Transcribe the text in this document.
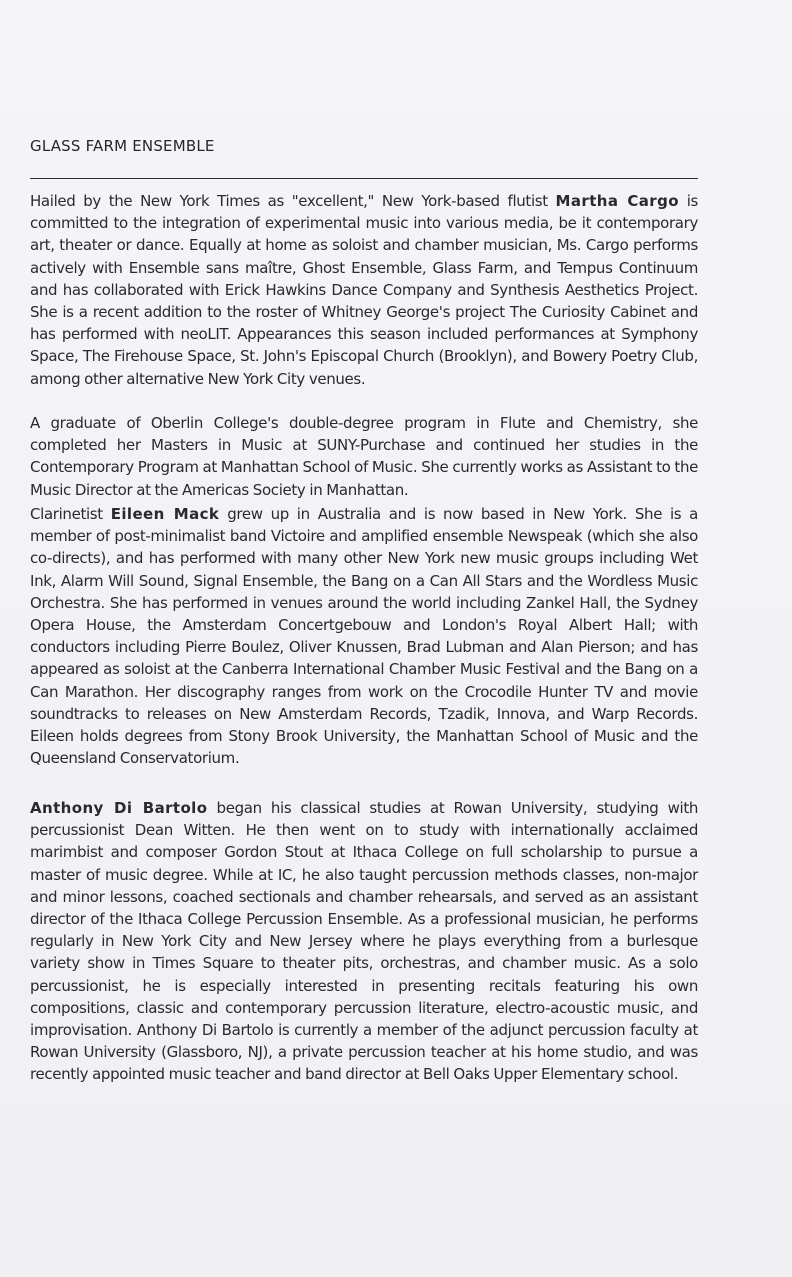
GLASS FARM ENSEMBLE

Hailed by the New York Times as "excellent," New York-based flutist Martha Cargo is committed to the integration of experimental music into various media, be it contemporary art, theater or dance. Equally at home as soloist and chamber musician, Ms. Cargo performs actively with Ensemble sans maître, Ghost Ensemble, Glass Farm, and Tempus Continuum and has collaborated with Erick Hawkins Dance Company and Synthesis Aesthetics Project. She is a recent addition to the roster of Whitney George's project The Curiosity Cabinet and has performed with neoLIT. Appearances this season included performances at Symphony Space, The Firehouse Space, St. John's Episcopal Church (Brooklyn), and Bowery Poetry Club, among other alternative New York City venues.

A graduate of Oberlin College's double-degree program in Flute and Chemistry, she completed her Masters in Music at SUNY-Purchase and continued her studies in the Contemporary Program at Manhattan School of Music. She currently works as Assistant to the Music Director at the Americas Society in Manhattan.

Clarinetist Eileen Mack grew up in Australia and is now based in New York. She is a member of post-minimalist band Victoire and amplified ensemble Newspeak (which she also co-directs), and has performed with many other New York new music groups including Wet Ink, Alarm Will Sound, Signal Ensemble, the Bang on a Can All Stars and the Wordless Music Orchestra. She has performed in venues around the world including Zankel Hall, the Sydney Opera House, the Amsterdam Concertgebouw and London's Royal Albert Hall; with conductors including Pierre Boulez, Oliver Knussen, Brad Lubman and Alan Pierson; and has appeared as soloist at the Canberra International Chamber Music Festival and the Bang on a Can Marathon. Her discography ranges from work on the Crocodile Hunter TV and movie soundtracks to releases on New Amsterdam Records, Tzadik, Innova, and Warp Records. Eileen holds degrees from Stony Brook University, the Manhattan School of Music and the Queensland Conservatorium.

Anthony Di Bartolo began his classical studies at Rowan University, studying with percussionist Dean Witten. He then went on to study with internationally acclaimed marimbist and composer Gordon Stout at Ithaca College on full scholarship to pursue a master of music degree. While at IC, he also taught percussion methods classes, non-major and minor lessons, coached sectionals and chamber rehearsals, and served as an assistant director of the Ithaca College Percussion Ensemble. As a professional musician, he performs regularly in New York City and New Jersey where he plays everything from a burlesque variety show in Times Square to theater pits, orchestras, and chamber music. As a solo percussionist, he is especially interested in presenting recitals featuring his own compositions, classic and contemporary percussion literature, electro-acoustic music, and improvisation. Anthony Di Bartolo is currently a member of the adjunct percussion faculty at Rowan University (Glassboro, NJ), a private percussion teacher at his home studio, and was recently appointed music teacher and band director at Bell Oaks Upper Elementary school.
